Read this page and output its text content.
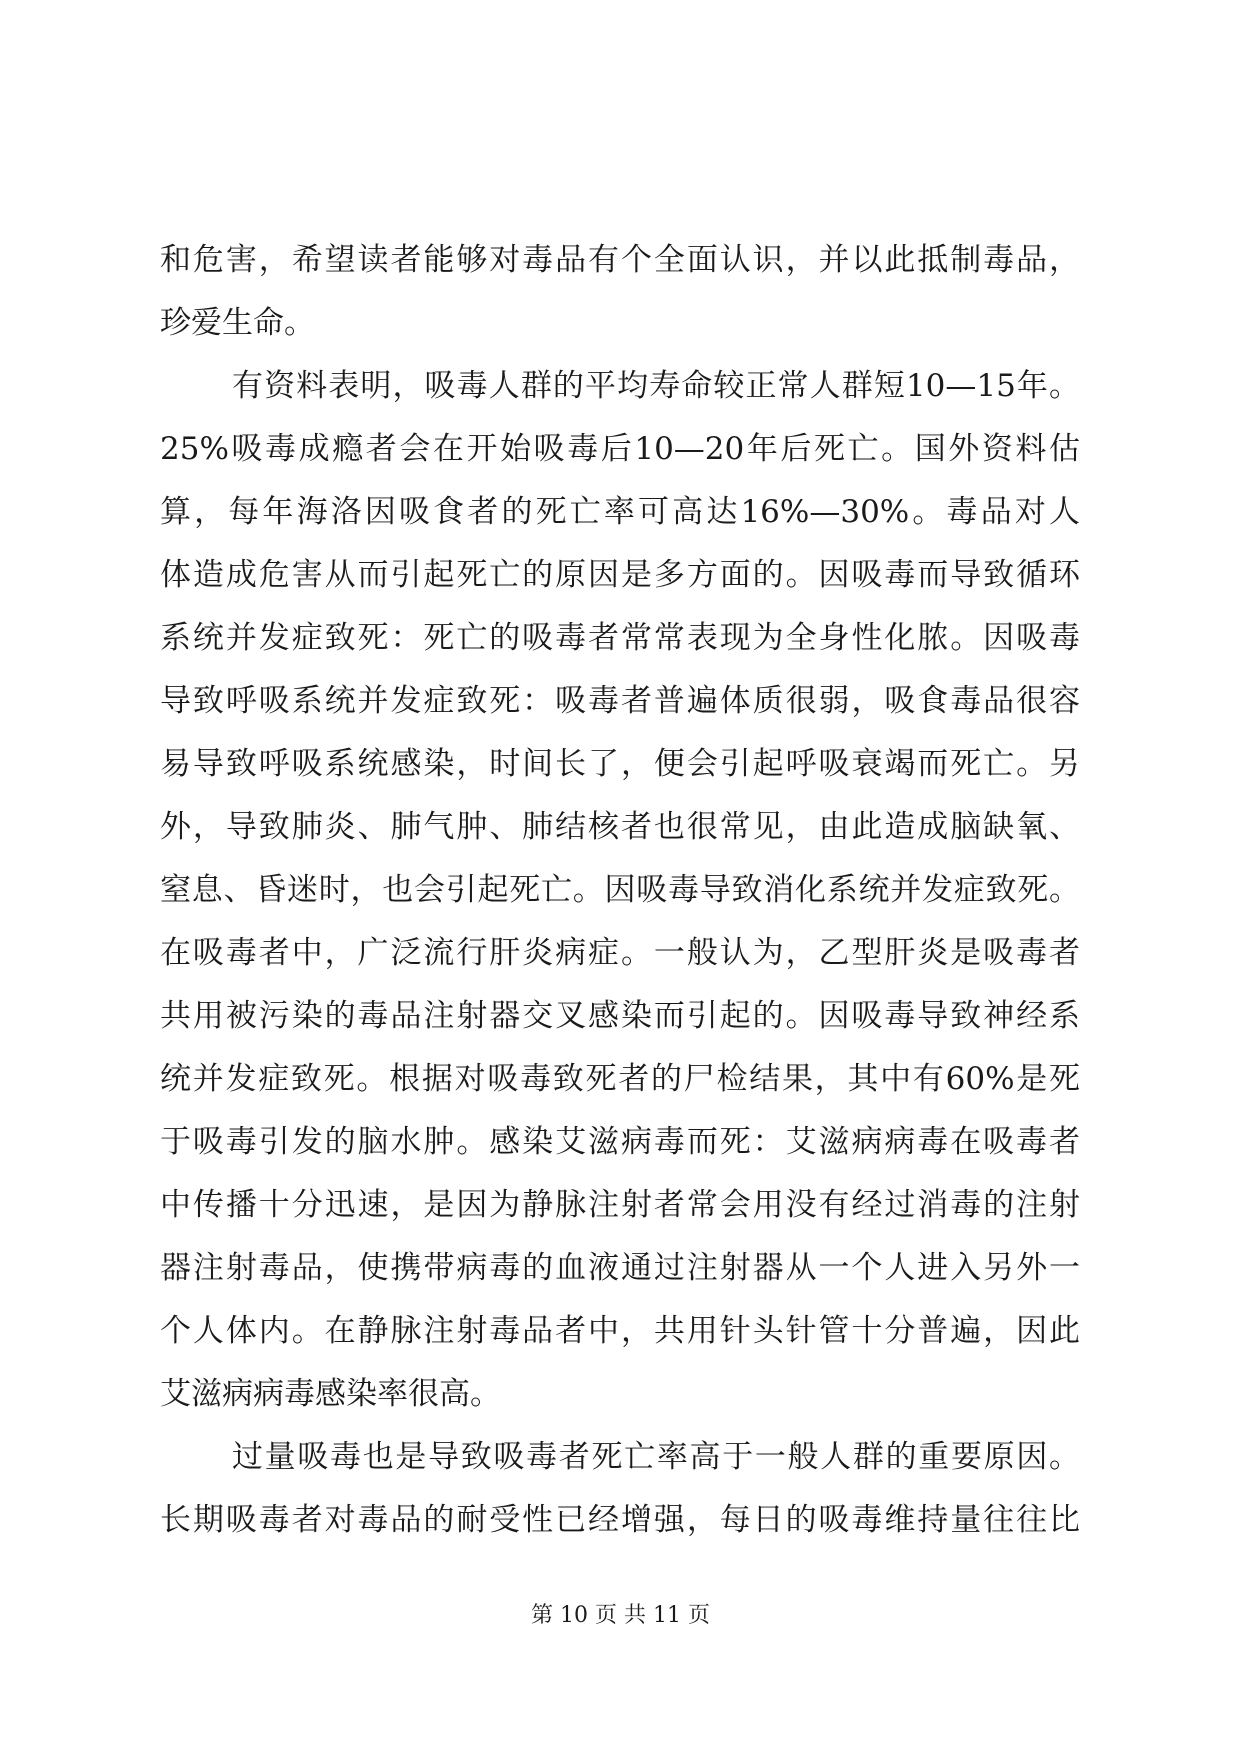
和危害，希望读者能够对毒品有个全面认识，并以此抵制毒品，
珍爱生命。
有资料表明，吸毒人群的平均寿命较正常人群短10—15年。
25%吸毒成瘾者会在开始吸毒后10—20年后死亡。国外资料估
算，每年海洛因吸食者的死亡率可高达16%—30%。毒品对人
体造成危害从而引起死亡的原因是多方面的。因吸毒而导致循环
系统并发症致死：死亡的吸毒者常常表现为全身性化脓。因吸毒
导致呼吸系统并发症致死：吸毒者普遍体质很弱，吸食毒品很容
易导致呼吸系统感染，时间长了，便会引起呼吸衰竭而死亡。另
外，导致肺炎、肺气肿、肺结核者也很常见，由此造成脑缺氧、
窒息、昏迷时，也会引起死亡。因吸毒导致消化系统并发症致死。
在吸毒者中，广泛流行肝炎病症。一般认为，乙型肝炎是吸毒者
共用被污染的毒品注射器交叉感染而引起的。因吸毒导致神经系
统并发症致死。根据对吸毒致死者的尸检结果，其中有60%是死
于吸毒引发的脑水肿。感染艾滋病毒而死：艾滋病病毒在吸毒者
中传播十分迅速，是因为静脉注射者常会用没有经过消毒的注射
器注射毒品，使携带病毒的血液通过注射器从一个人进入另外一
个人体内。在静脉注射毒品者中，共用针头针管十分普遍，因此
艾滋病病毒感染率很高。
过量吸毒也是导致吸毒者死亡率高于一般人群的重要原因。
长期吸毒者对毒品的耐受性已经增强，每日的吸毒维持量往往比
第 10 页 共 11 页
